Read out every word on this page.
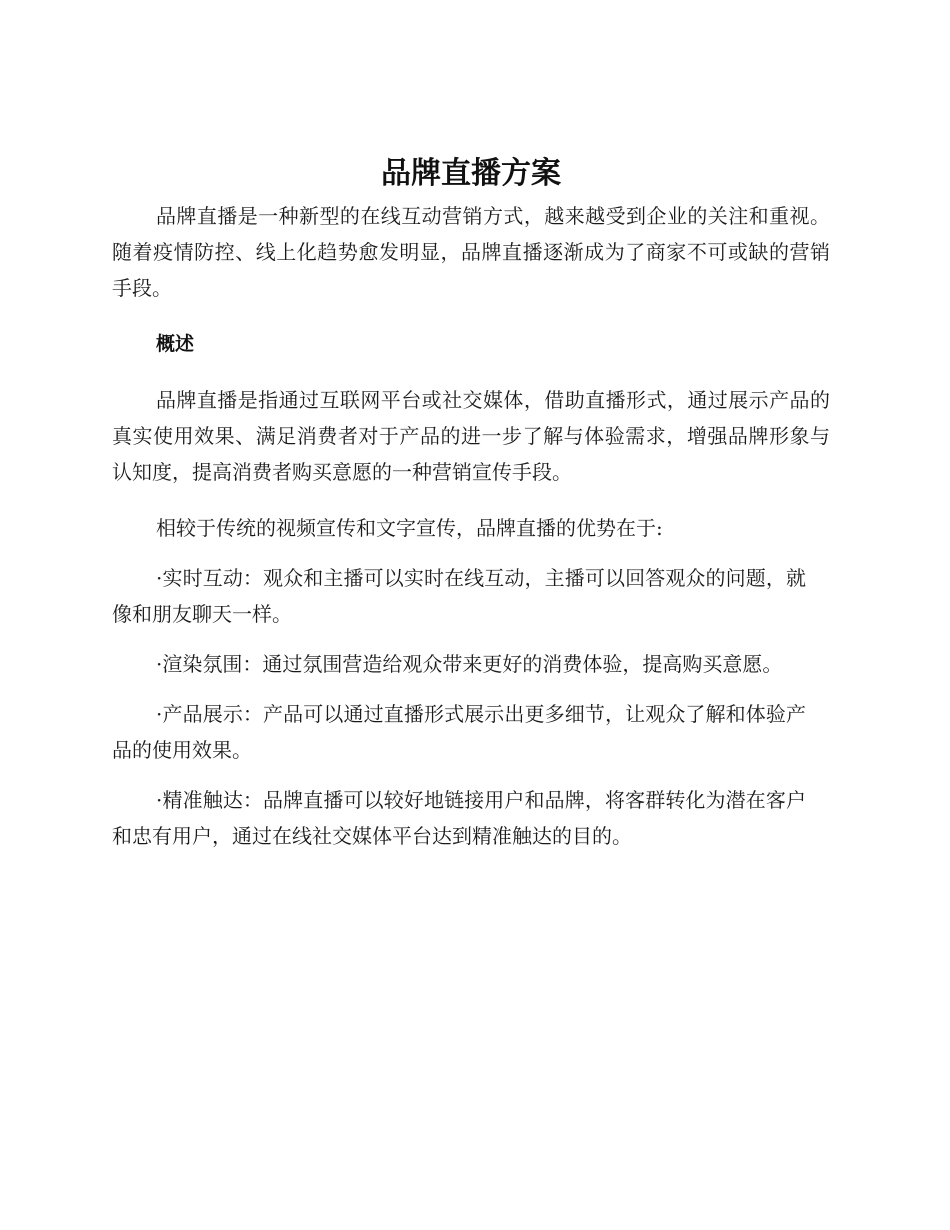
品牌直播方案

品牌直播是一种新型的在线互动营销方式，越来越受到企业的关注和重视。随着疫情防控、线上化趋势愈发明显，品牌直播逐渐成为了商家不可或缺的营销手段。

概述

品牌直播是指通过互联网平台或社交媒体，借助直播形式，通过展示产品的真实使用效果、满足消费者对于产品的进一步了解与体验需求，增强品牌形象与认知度，提高消费者购买意愿的一种营销宣传手段。

相较于传统的视频宣传和文字宣传，品牌直播的优势在于:

·实时互动：观众和主播可以实时在线互动，主播可以回答观众的问题，就像和朋友聊天一样。

·渲染氛围：通过氛围营造给观众带来更好的消费体验，提高购买意愿。

·产品展示：产品可以通过直播形式展示出更多细节，让观众了解和体验产品的使用效果。

·精准触达：品牌直播可以较好地链接用户和品牌，将客群转化为潜在客户和忠有用户，通过在线社交媒体平台达到精准触达的目的。
